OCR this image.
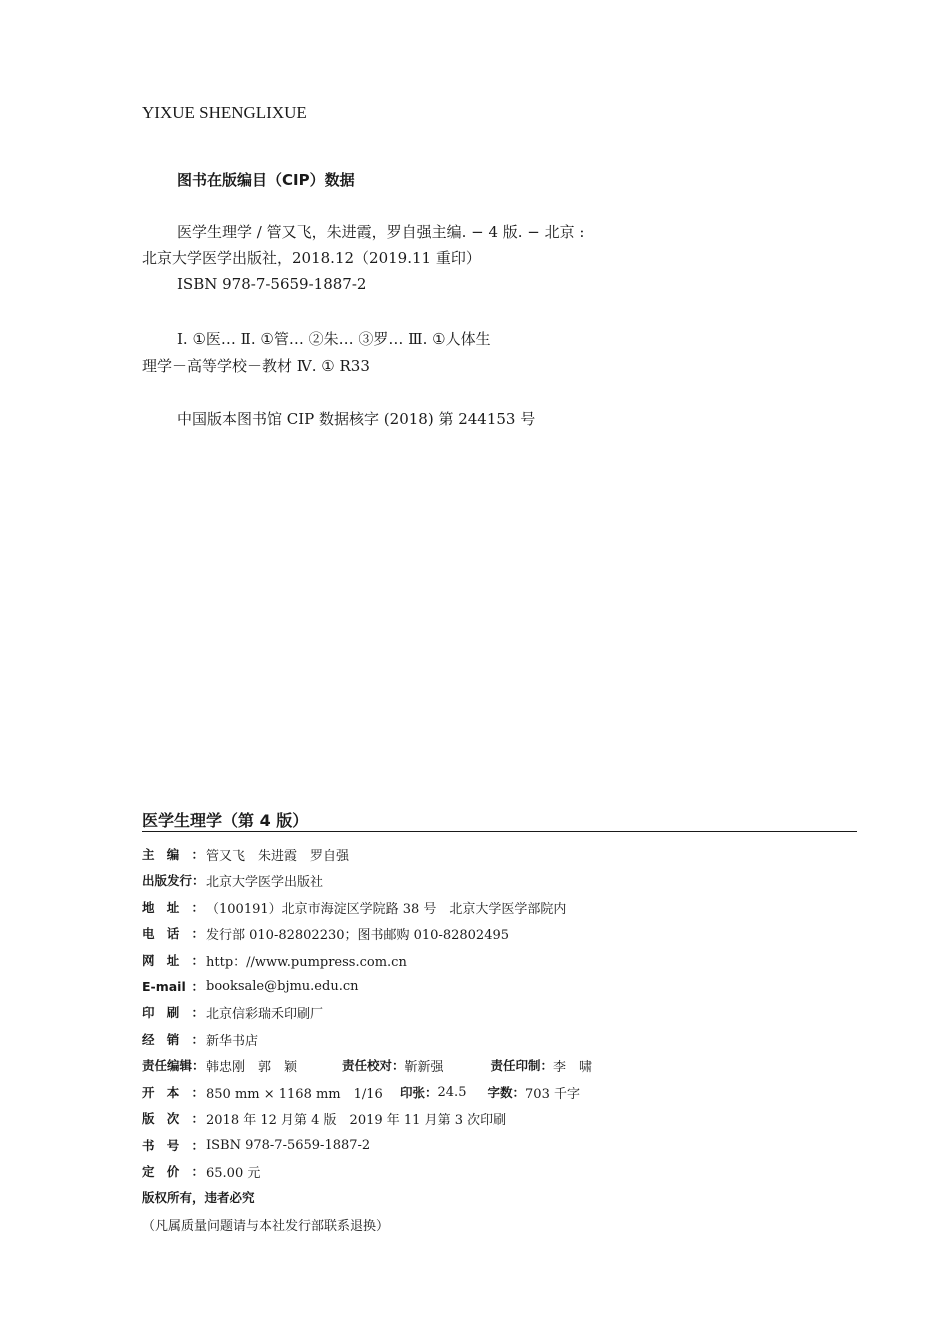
YIXUE SHENGLIXUE
图书在版编目（CIP）数据
医学生理学 / 管又飞，朱进霞，罗自强主编. − 4 版. − 北京 :
北京大学医学出版社，2018.12（2019.11 重印）
ISBN 978-7-5659-1887-2
Ⅰ. ①医… Ⅱ. ①管… ②朱… ③罗… Ⅲ. ①人体生
理学－高等学校－教材 Ⅳ. ① R33
中国版本图书馆 CIP 数据核字 (2018) 第 244153 号
医学生理学（第 4 版）
主编： 管又飞　朱进霞　罗自强
出版发行： 北京大学医学出版社
地址： （100191）北京市海淀区学院路 38 号　北京大学医学部院内
电话： 发行部 010-82802230；图书邮购 010-82802495
网址： http：//www.pumpress.com.cn
E-mail： booksale@bjmu.edu.cn
印刷： 北京信彩瑞禾印刷厂
经销： 新华书店
责任编辑： 韩忠刚　郭　颖	责任校对： 靳新强	责任印制： 李　啸
开本： 850 mm × 1168 mm　1/16	印张： 24.5	字数： 703 千字
版次： 2018 年 12 月第 4 版　2019 年 11 月第 3 次印刷
书号： ISBN 978-7-5659-1887-2
定价： 65.00 元
版权所有，违者必究
（凡属质量问题请与本社发行部联系退换）
